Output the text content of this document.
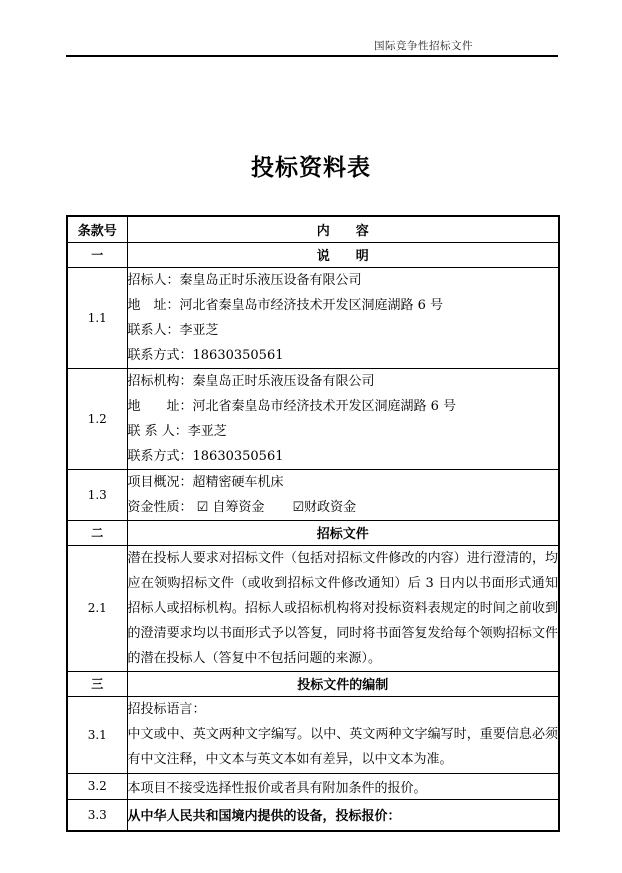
国际竞争性招标文件
投标资料表
条款号	内　　容
一	说　　明
1.1	招标人：秦皇岛正时乐液压设备有限公司
地　址：河北省秦皇岛市经济技术开发区洞庭湖路 6 号
联系人：李亚芝
联系方式：18630350561

1.2	招标机构：秦皇岛正时乐液压设备有限公司
地　　址：河北省秦皇岛市经济技术开发区洞庭湖路 6 号
联 系 人：李亚芝
联系方式：18630350561

1.3	项目概况：超精密硬车机床
资金性质： ☑ 自筹资金 ☑财政资金

二	招标文件
2.1	潜在投标人要求对招标文件（包括对招标文件修改的内容）进行澄清的，均应在领购招标文件（或收到招标文件修改通知）后 3 日内以书面形式通知招标人或招标机构。招标人或招标机构将对投标资料表规定的时间之前收到的澄清要求均以书面形式予以答复，同时将书面答复发给每个领购招标文件的潜在投标人（答复中不包括问题的来源）。

三	投标文件的编制
3.1	招投标语言：
中文或中、英文两种文字编写。以中、英文两种文字编写时，重要信息必须有中文注释，中文本与英文本如有差异，以中文本为准。

3.2	本项目不接受选择性报价或者具有附加条件的报价。

3.3	从中华人民共和国境内提供的设备，投标报价：
